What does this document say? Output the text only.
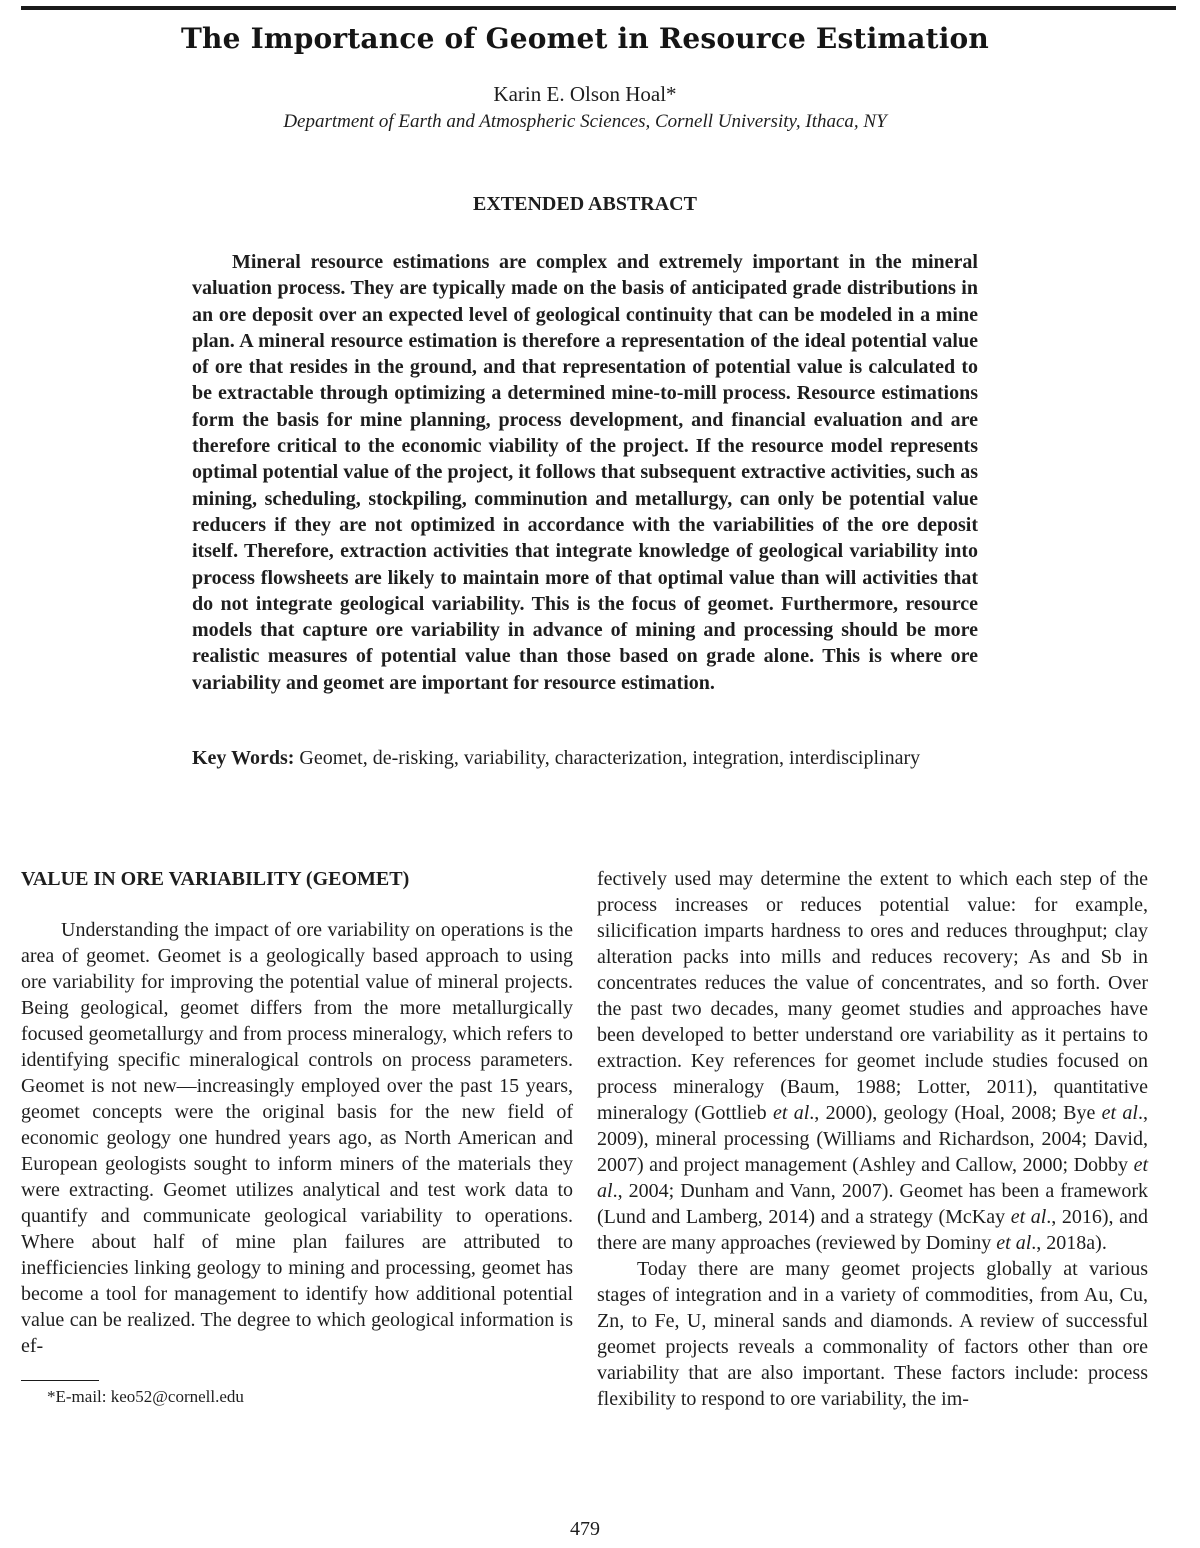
The Importance of Geomet in Resource Estimation
Karin E. Olson Hoal*
Department of Earth and Atmospheric Sciences, Cornell University, Ithaca, NY
EXTENDED ABSTRACT

Mineral resource estimations are complex and extremely important in the mineral valuation process. They are typically made on the basis of anticipated grade distributions in an ore deposit over an expected level of geological continuity that can be modeled in a mine plan. A mineral resource estimation is therefore a representation of the ideal potential value of ore that resides in the ground, and that representation of potential value is calculated to be extractable through optimizing a determined mine-to-mill process. Resource estimations form the basis for mine planning, process development, and financial evaluation and are therefore critical to the economic viability of the project. If the resource model represents optimal potential value of the project, it follows that subsequent extractive activities, such as mining, scheduling, stockpiling, comminution and metallurgy, can only be potential value reducers if they are not optimized in accordance with the variabilities of the ore deposit itself. Therefore, extraction activities that integrate knowledge of geological variability into process flowsheets are likely to maintain more of that optimal value than will activities that do not integrate geological variability. This is the focus of geomet. Furthermore, resource models that capture ore variability in advance of mining and processing should be more realistic measures of potential value than those based on grade alone. This is where ore variability and geomet are important for resource estimation.

Key Words: Geomet, de-risking, variability, characterization, integration, interdisciplinary

VALUE IN ORE VARIABILITY (GEOMET)

Understanding the impact of ore variability on operations is the area of geomet. Geomet is a geologically based approach to using ore variability for improving the potential value of mineral projects. Being geological, geomet differs from the more metallurgically focused geometallurgy and from process mineralogy, which refers to identifying specific mineralogical controls on process parameters. Geomet is not new—increasingly employed over the past 15 years, geomet concepts were the original basis for the new field of economic geology one hundred years ago, as North American and European geologists sought to inform miners of the materials they were extracting. Geomet utilizes analytical and test work data to quantify and communicate geological variability to operations. Where about half of mine plan failures are attributed to inefficiencies linking geology to mining and processing, geomet has become a tool for management to identify how additional potential value can be realized. The degree to which geological information is ef-

fectively used may determine the extent to which each step of the process increases or reduces potential value: for example, silicification imparts hardness to ores and reduces throughput; clay alteration packs into mills and reduces recovery; As and Sb in concentrates reduces the value of concentrates, and so forth. Over the past two decades, many geomet studies and approaches have been developed to better understand ore variability as it pertains to extraction. Key references for geomet include studies focused on process mineralogy (Baum, 1988; Lotter, 2011), quantitative mineralogy (Gottlieb et al., 2000), geology (Hoal, 2008; Bye et al., 2009), mineral processing (Williams and Richardson, 2004; David, 2007) and project management (Ashley and Callow, 2000; Dobby et al., 2004; Dunham and Vann, 2007). Geomet has been a framework (Lund and Lamberg, 2014) and a strategy (McKay et al., 2016), and there are many approaches (reviewed by Dominy et al., 2018a).

Today there are many geomet projects globally at various stages of integration and in a variety of commodities, from Au, Cu, Zn, to Fe, U, mineral sands and diamonds. A review of successful geomet projects reveals a commonality of factors other than ore variability that are also important. These factors include: process flexibility to respond to ore variability, the im-

*E-mail: keo52@cornell.edu
479
